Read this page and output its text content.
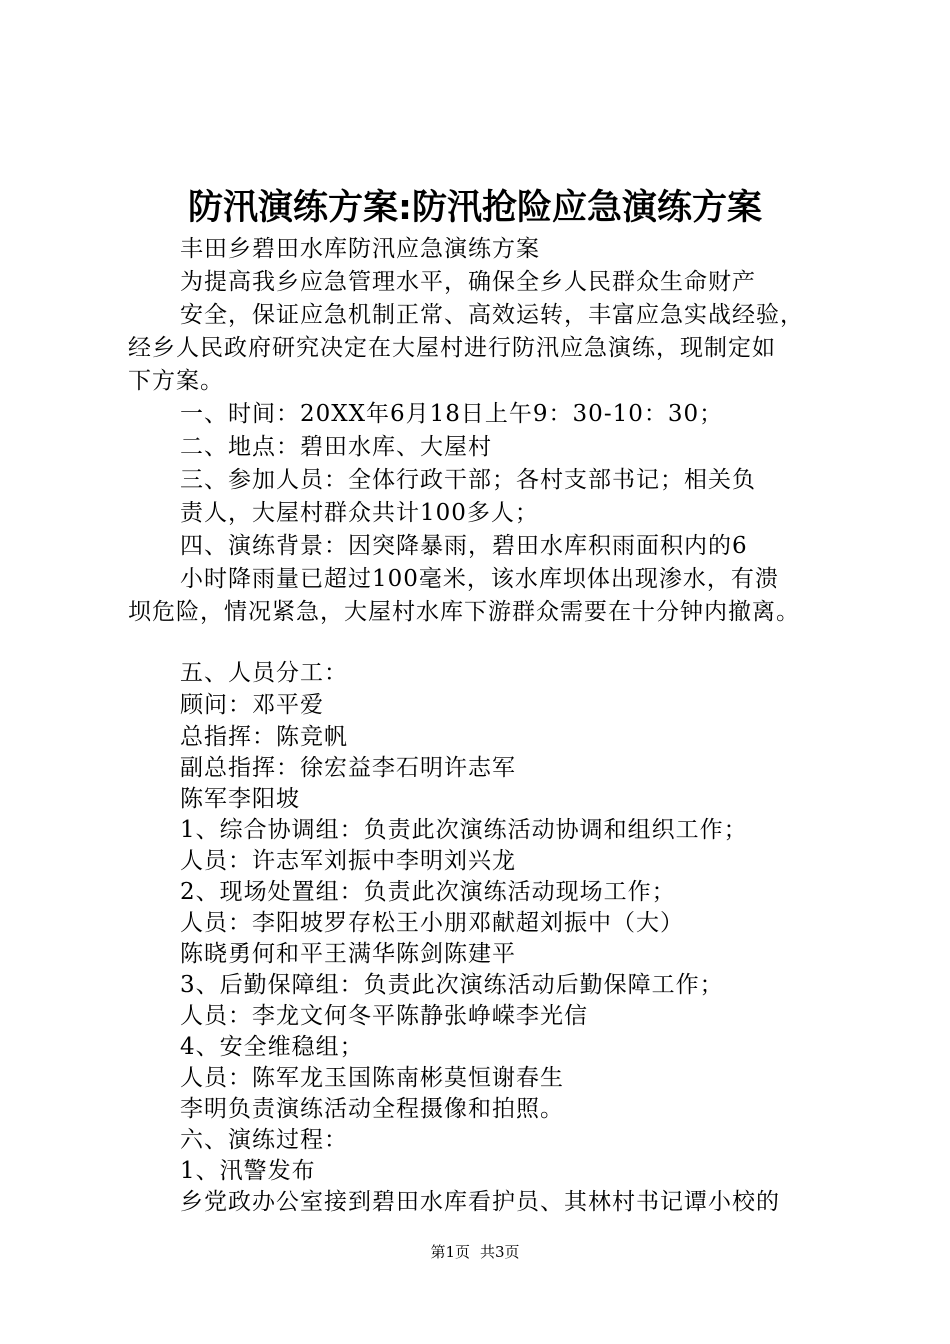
防汛演练方案:防汛抢险应急演练方案
丰田乡碧田水库防汛应急演练方案
为提高我乡应急管理水平，确保全乡人民群众生命财产
安全，保证应急机制正常、高效运转，丰富应急实战经验，
经乡人民政府研究决定在大屋村进行防汛应急演练，现制定如
下方案。
一、时间：20XX年6月18日上午9：30-10：30；
二、地点：碧田水库、大屋村
三、参加人员：全体行政干部；各村支部书记；相关负
责人，大屋村群众共计100多人；
四、演练背景：因突降暴雨，碧田水库积雨面积内的6
小时降雨量已超过100毫米，该水库坝体出现渗水，有溃
坝危险，情况紧急，大屋村水库下游群众需要在十分钟内撤离。
五、人员分工：
顾问：邓平爱
总指挥：陈竞帆
副总指挥：徐宏益李石明许志军
陈军李阳坡
1、综合协调组：负责此次演练活动协调和组织工作；
人员：许志军刘振中李明刘兴龙
2、现场处置组：负责此次演练活动现场工作；
人员：李阳坡罗存松王小朋邓献超刘振中（大）
陈晓勇何和平王满华陈剑陈建平
3、后勤保障组：负责此次演练活动后勤保障工作；
人员：李龙文何冬平陈静张峥嵘李光信
4、安全维稳组；
人员：陈军龙玉国陈南彬莫恒谢春生
李明负责演练活动全程摄像和拍照。
六、演练过程：
1、汛警发布
乡党政办公室接到碧田水库看护员、其林村书记谭小校的
第1页 共3页
